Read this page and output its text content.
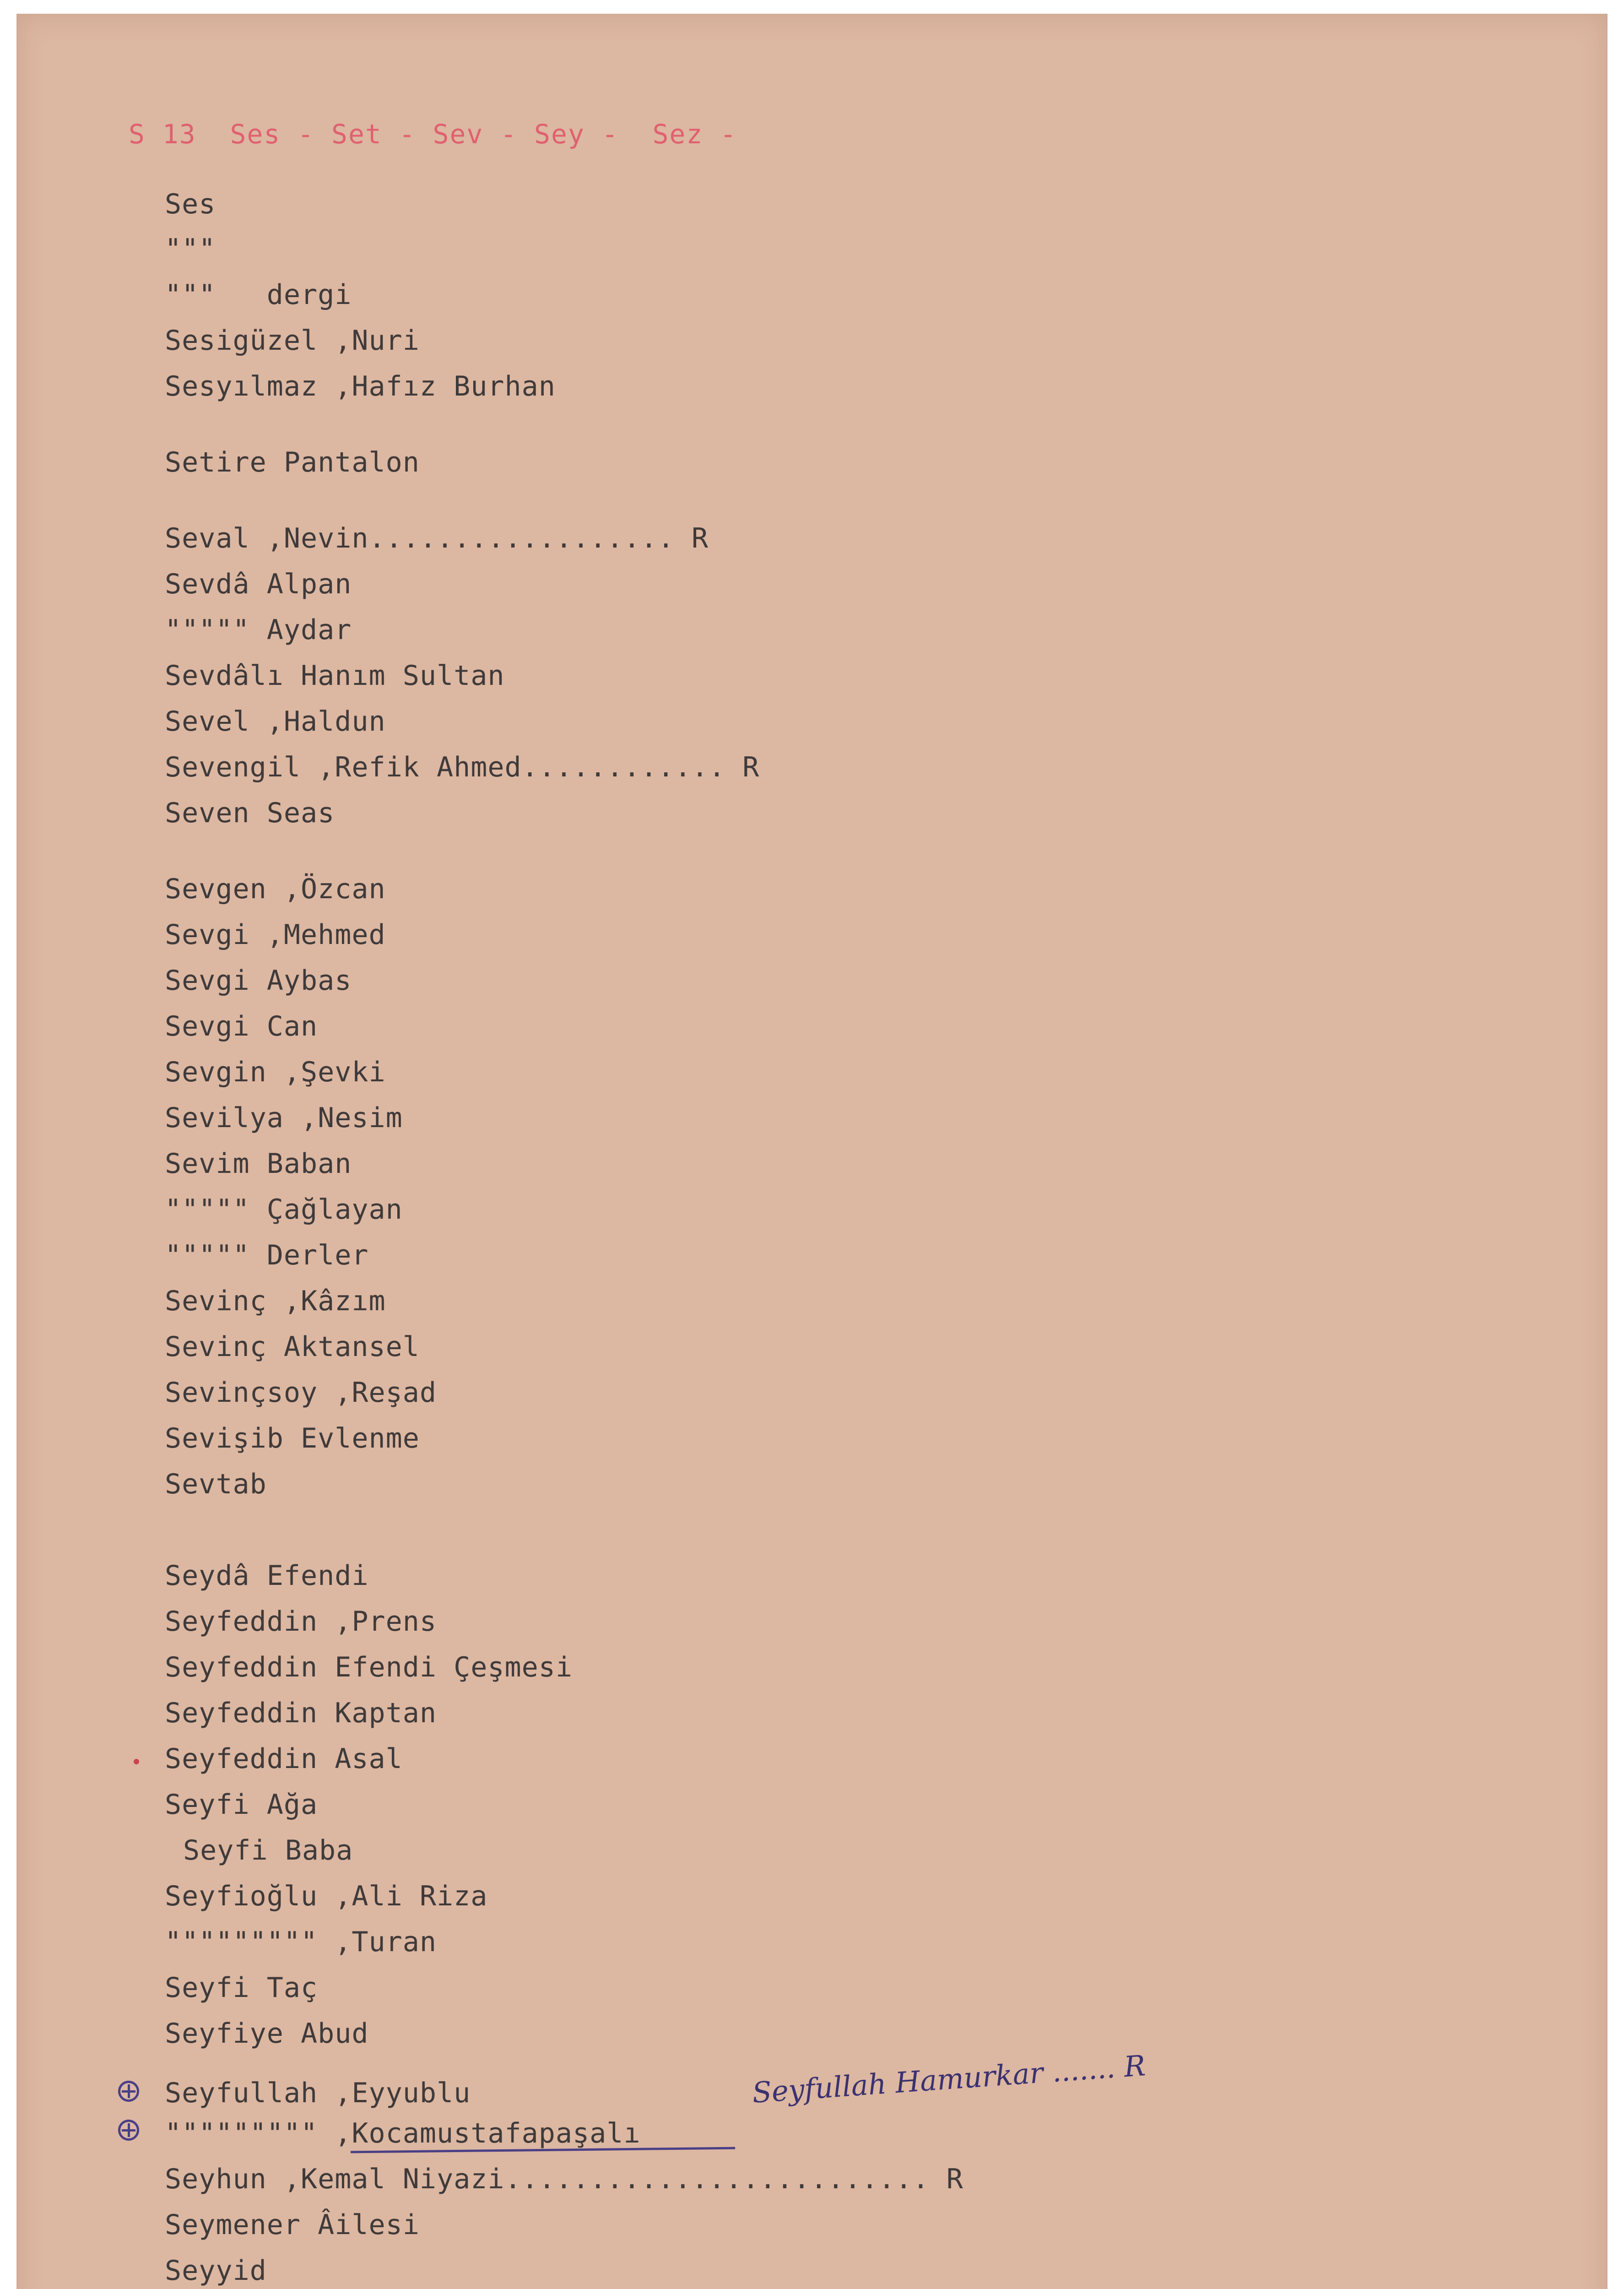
S 13  Ses - Set - Sev - Sey -  Sez -
Ses
"""
"""   dergi
Sesigüzel ,Nuri
Sesyılmaz ,Hafız Burhan
Setire Pantalon
Seval ,Nevin.................. R
Sevdâ Alpan
""""" Aydar
Sevdâlı Hanım Sultan
Sevel ,Haldun
Sevengil ,Refik Ahmed............ R
Seven Seas
Sevgen ,Özcan
Sevgi ,Mehmed
Sevgi Aybas
Sevgi Can
Sevgin ,Şevki
Sevilya ,Nesim
Sevim Baban
""""" Çağlayan
""""" Derler
Sevinç ,Kâzım
Sevinç Aktansel
Sevinçsoy ,Reşad
Sevişib Evlenme
Sevtab
Seydâ Efendi
Seyfeddin ,Prens
Seyfeddin Efendi Çeşmesi
Seyfeddin Kaptan
Seyfeddin Asal
Seyfi Ağa
Seyfi Baba
Seyfioğlu ,Ali Riza
""""""""" ,Turan
Seyfi Taç
Seyfiye Abud
Seyfullah ,Eyyublu
""""""""" ,Kocamustafapaşalı
Seyhun ,Kemal Niyazi......................... R
Seymener Âilesi
Seyyid
Seyfullah Hamurkar ....... R
